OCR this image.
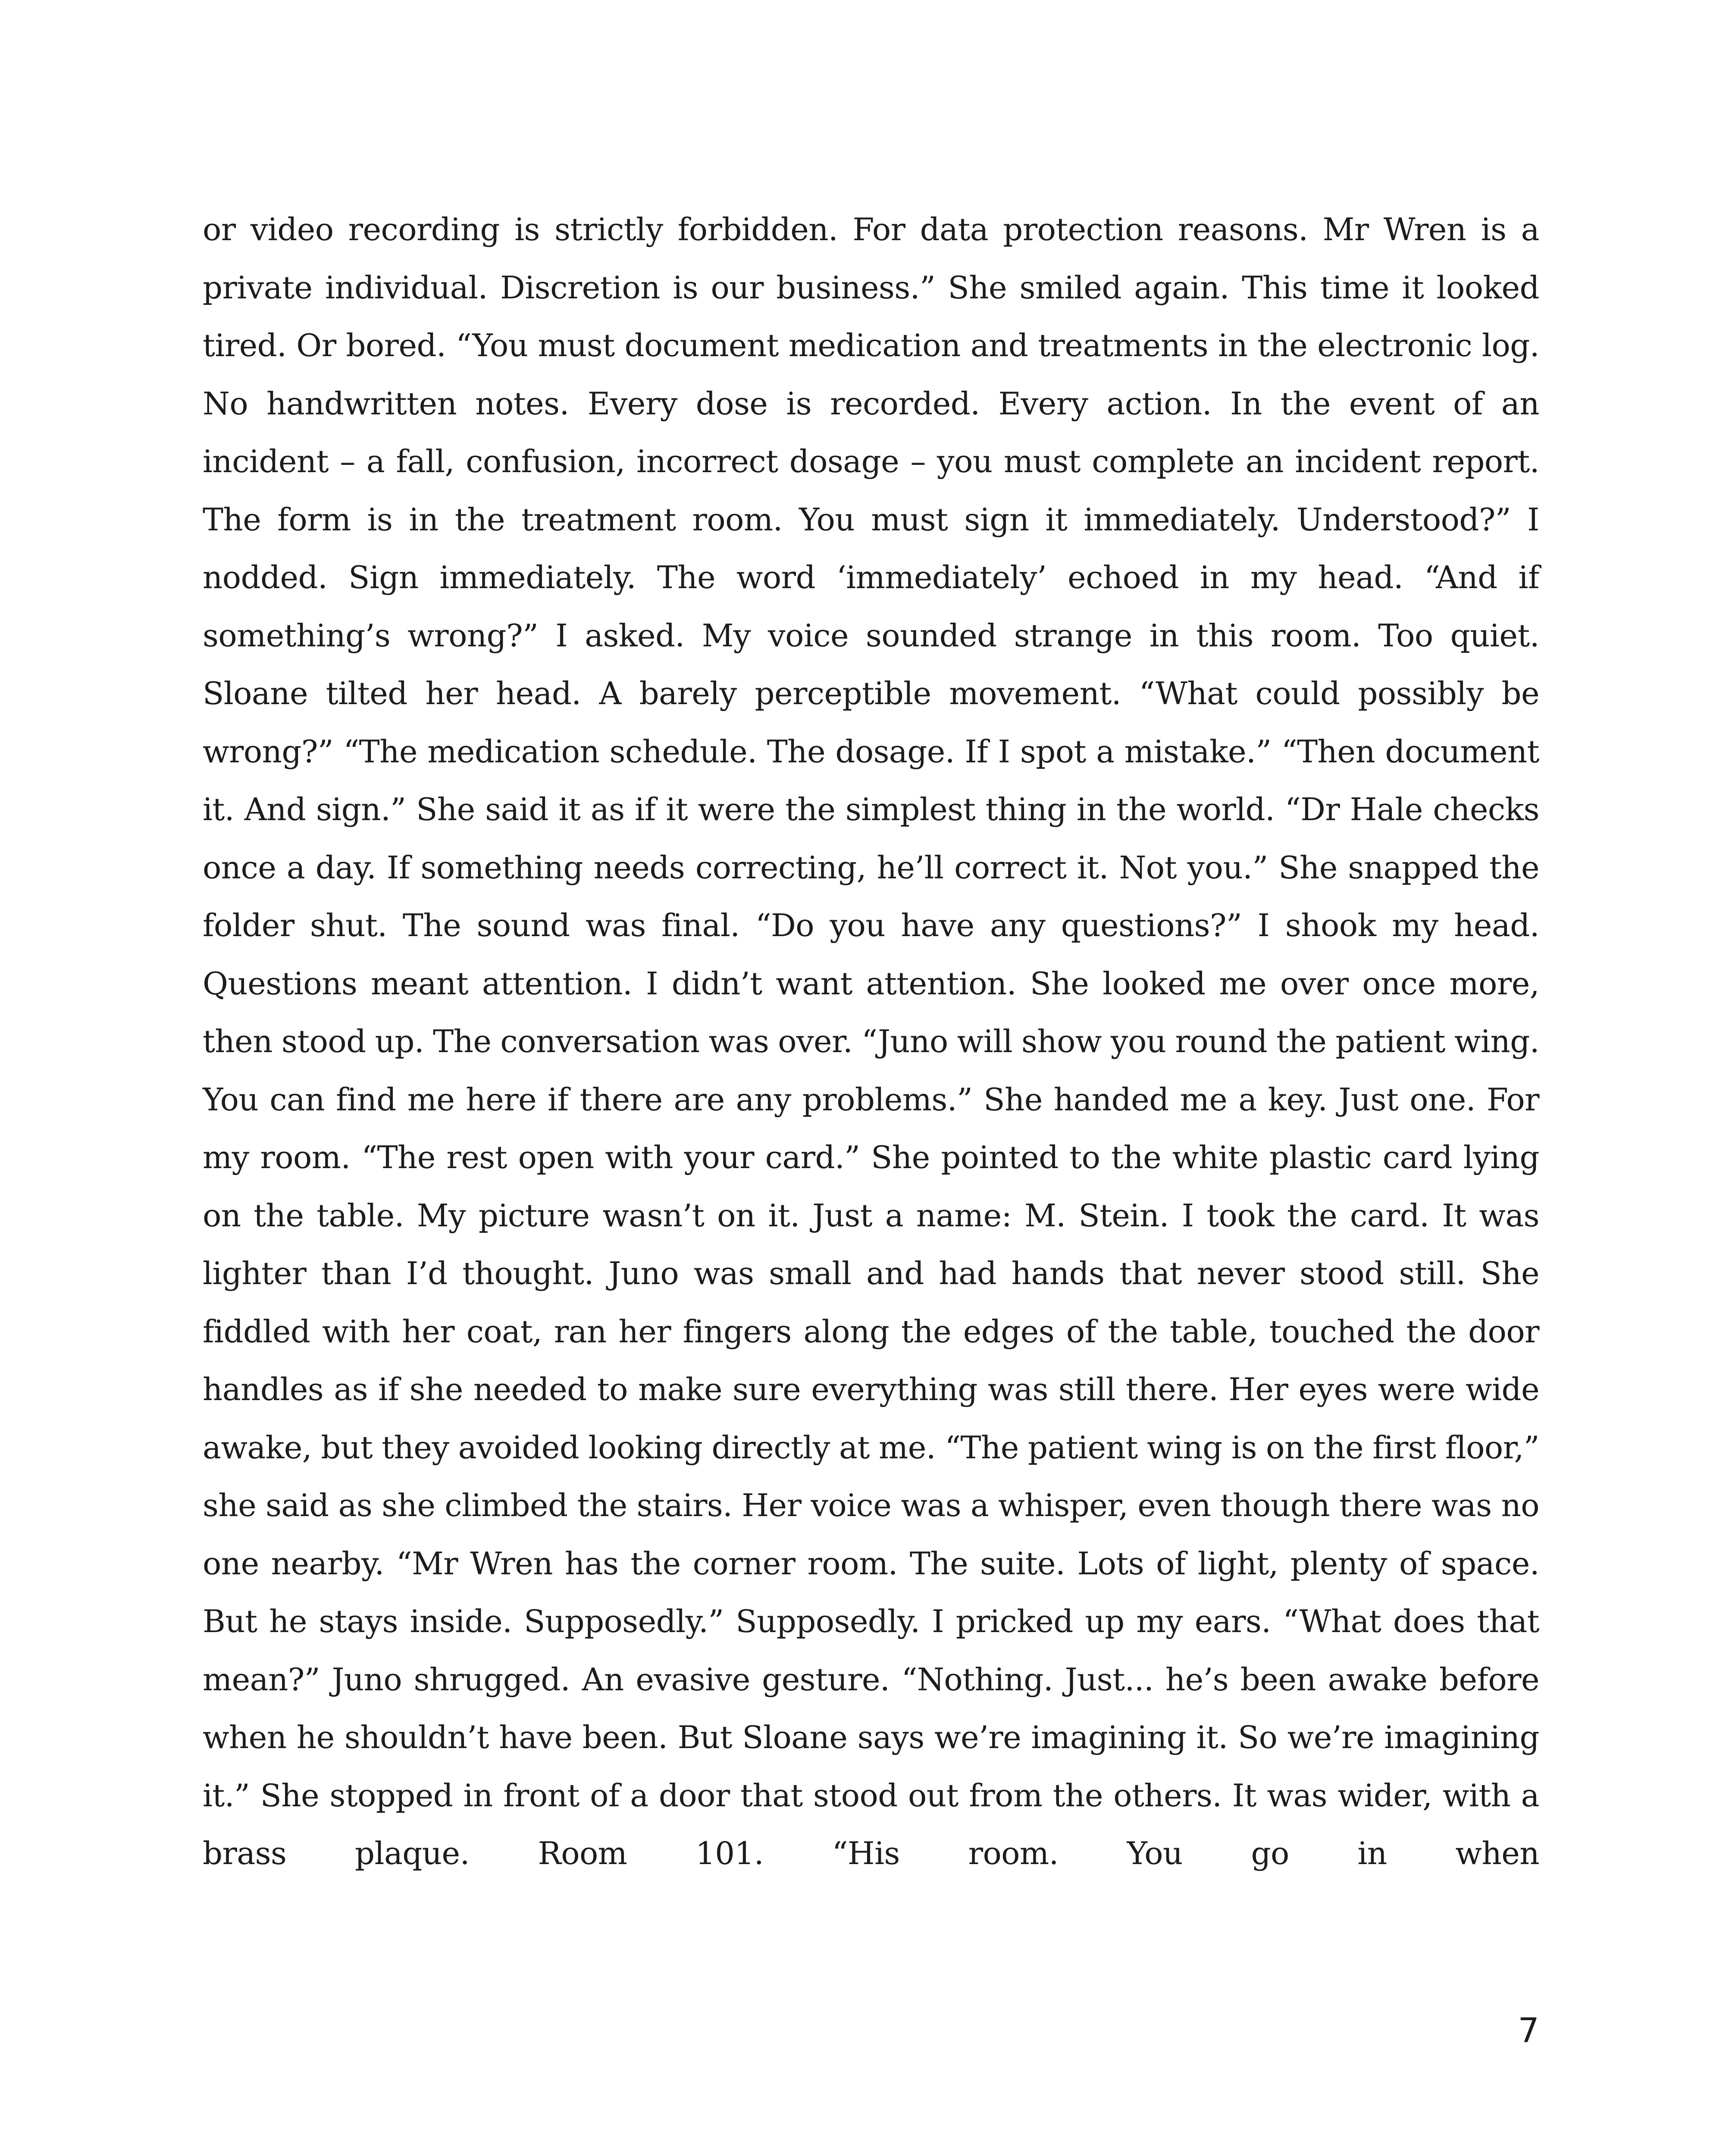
or video recording is strictly forbidden. For data protection reasons. Mr Wren is a private individual. Discretion is our business.” She smiled again. This time it looked tired. Or bored. “You must document medication and treatments in the electronic log. No handwritten notes. Every dose is recorded. Every action. In the event of an incident – a fall, confusion, incorrect dosage – you must complete an incident report. The form is in the treatment room. You must sign it immediately. Understood?” I nodded. Sign immediately. The word ‘immediately’ echoed in my head. “And if something’s wrong?” I asked. My voice sounded strange in this room. Too quiet. Sloane tilted her head. A barely perceptible movement. “What could possibly be wrong?” “The medication schedule. The dosage. If I spot a mistake.” “Then document it. And sign.” She said it as if it were the simplest thing in the world. “Dr Hale checks once a day. If something needs correcting, he’ll correct it. Not you.” She snapped the folder shut. The sound was final. “Do you have any questions?” I shook my head. Questions meant attention. I didn’t want attention. She looked me over once more, then stood up. The conversation was over. “Juno will show you round the patient wing. You can find me here if there are any problems.” She handed me a key. Just one. For my room. “The rest open with your card.” She pointed to the white plastic card lying on the table. My picture wasn’t on it. Just a name: M. Stein. I took the card. It was lighter than I’d thought. Juno was small and had hands that never stood still. She fiddled with her coat, ran her fingers along the edges of the table, touched the door handles as if she needed to make sure everything was still there. Her eyes were wide awake, but they avoided looking directly at me. “The patient wing is on the first floor,” she said as she climbed the stairs. Her voice was a whisper, even though there was no one nearby. “Mr Wren has the corner room. The suite. Lots of light, plenty of space. But he stays inside. Supposedly.” Supposedly. I pricked up my ears. “What does that mean?” Juno shrugged. An evasive gesture. “Nothing. Just... he’s been awake before when he shouldn’t have been. But Sloane says we’re imagining it. So we’re imagining it.” She stopped in front of a door that stood out from the others. It was wider, with a brass plaque. Room 101. “His room. You go in when

7
